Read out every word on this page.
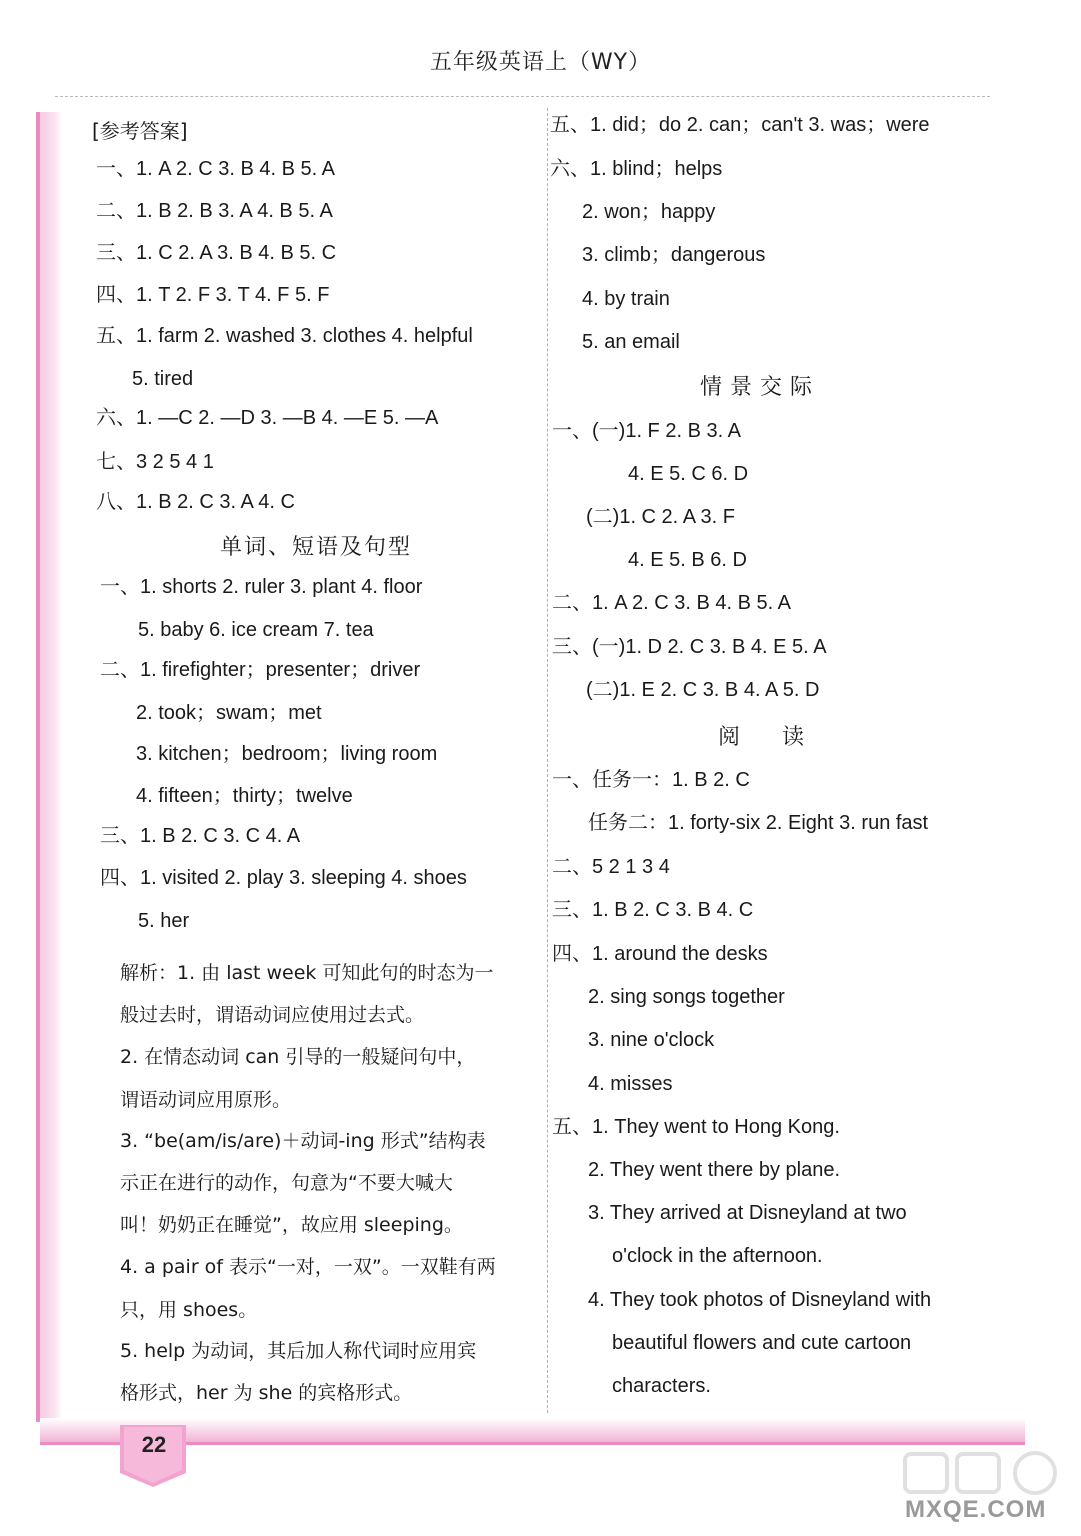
五年级英语上（WY）
22
[参考答案]
一、1. A 2. C 3. B 4. B 5. A
二、1. B 2. B 3. A 4. B 5. A
三、1. C 2. A 3. B 4. B 5. C
四、1. T 2. F 3. T 4. F 5. F
五、1. farm 2. washed 3. clothes 4. helpful
5. tired
六、1. —C 2. —D 3. —B 4. —E 5. —A
七、3 2 5 4 1
八、1. B 2. C 3. A 4. C
单词、短语及句型
一、1. shorts 2. ruler 3. plant 4. floor
5. baby 6. ice cream 7. tea
二、1. firefighter；presenter；driver
2. took；swam；met
3. kitchen；bedroom；living room
4. fifteen；thirty；twelve
三、1. B 2. C 3. C 4. A
四、1. visited 2. play 3. sleeping 4. shoes
5. her
解析：1. 由 last week 可知此句的时态为一
般过去时，谓语动词应使用过去式。
2. 在情态动词 can 引导的一般疑问句中，
谓语动词应用原形。
3. “be(am/is/are)＋动词-ing 形式”结构表
示正在进行的动作，句意为“不要大喊大
叫！奶奶正在睡觉”，故应用 sleeping。
4. a pair of 表示“一对，一双”。一双鞋有两
只，用 shoes。
5. help 为动词，其后加人称代词时应用宾
格形式，her 为 she 的宾格形式。
五、1. did；do 2. can；can't 3. was；were
六、1. blind；helps
2. won；happy
3. climb；dangerous
4. by train
5. an email
情景交际
一、(一)1. F 2. B 3. A
4. E 5. C 6. D
(二)1. C 2. A 3. F
4. E 5. B 6. D
二、1. A 2. C 3. B 4. B 5. A
三、(一)1. D 2. C 3. B 4. E 5. A
(二)1. E 2. C 3. B 4. A 5. D
阅　读
一、任务一：1. B 2. C
任务二：1. forty-six 2. Eight 3. run fast
二、5 2 1 3 4
三、1. B 2. C 3. B 4. C
四、1. around the desks
2. sing songs together
3. nine o'clock
4. misses
五、1. They went to Hong Kong.
2. They went there by plane.
3. They arrived at Disneyland at two
o'clock in the afternoon.
4. They took photos of Disneyland with
beautiful flowers and cute cartoon
characters.
MXQE.COM
